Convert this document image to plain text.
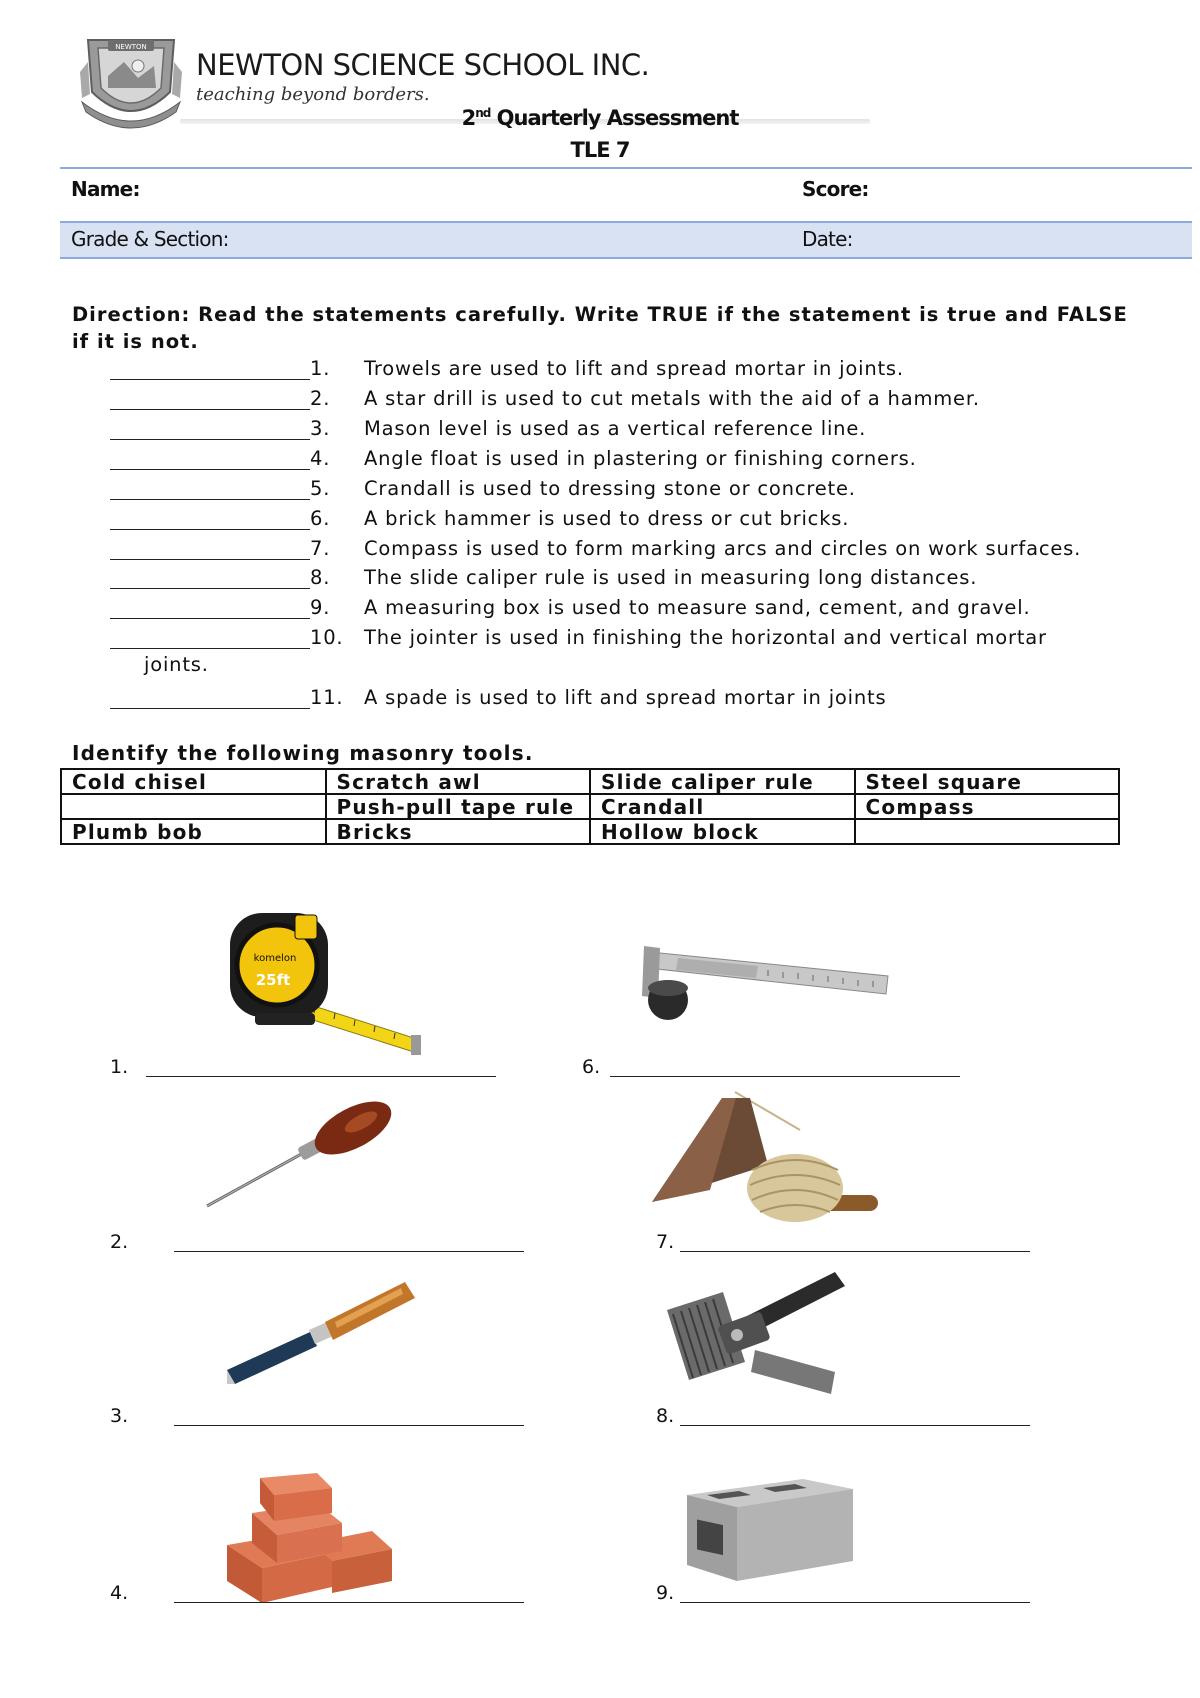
NEWTON
NEWTON SCIENCE SCHOOL INC.
teaching beyond borders.
2nd Quarterly Assessment
TLE 7
Name:	Score:
Grade & Section:	Date:
Direction: Read the statements carefully. Write TRUE if the statement is true and FALSE if it is not.
1. Trowels are used to lift and spread mortar in joints.
2. A star drill is used to cut metals with the aid of a hammer.
3. Mason level is used as a vertical reference line.
4. Angle float is used in plastering or finishing corners.
5. Crandall is used to dressing stone or concrete.
6. A brick hammer is used to dress or cut bricks.
7. Compass is used to form marking arcs and circles on work surfaces.
8. The slide caliper rule is used in measuring long distances.
9. A measuring box is used to measure sand, cement, and gravel.
10. The jointer is used in finishing the horizontal and vertical mortar
joints.
11. A spade is used to lift and spread mortar in joints
Identify the following masonry tools.
Cold chisel	Scratch awl	Slide caliper rule	Steel square
	Push-pull tape rule	Crandall	Compass
Plumb bob	Bricks	Hollow block	
komelon
25ft
1.
2.
3.
4.
6.
7.
8.
9.
